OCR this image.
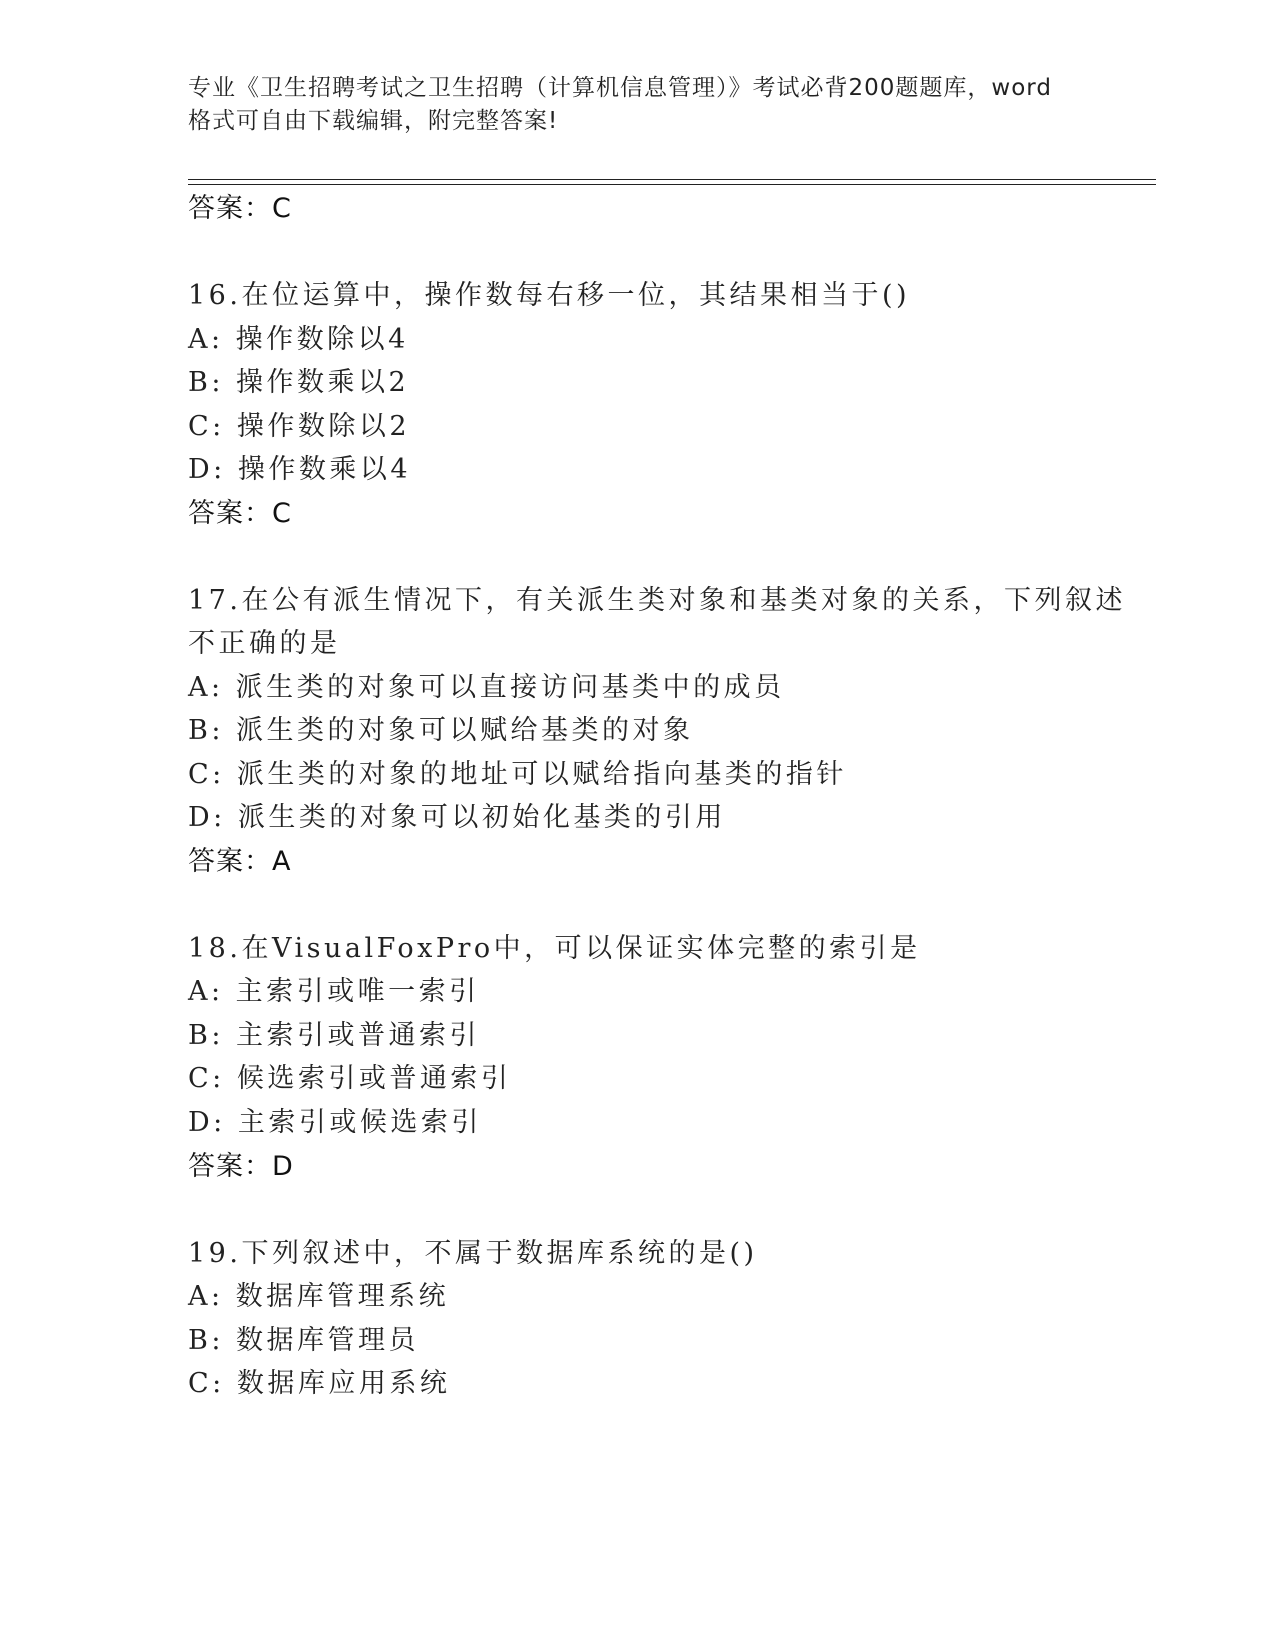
专业《卫生招聘考试之卫生招聘（计算机信息管理）》考试必背200题题库，word
格式可自由下载编辑，附完整答案!
答案：C
16.在位运算中，操作数每右移一位，其结果相当于()
A: 操作数除以4
B: 操作数乘以2
C: 操作数除以2
D: 操作数乘以4
答案：C
17.在公有派生情况下，有关派生类对象和基类对象的关系，下列叙述
不正确的是
A: 派生类的对象可以直接访问基类中的成员
B: 派生类的对象可以赋给基类的对象
C: 派生类的对象的地址可以赋给指向基类的指针
D: 派生类的对象可以初始化基类的引用
答案：A
18.在VisualFoxPro中，可以保证实体完整的索引是
A: 主索引或唯一索引
B: 主索引或普通索引
C: 候选索引或普通索引
D: 主索引或候选索引
答案：D
19.下列叙述中，不属于数据库系统的是()
A: 数据库管理系统
B: 数据库管理员
C: 数据库应用系统
